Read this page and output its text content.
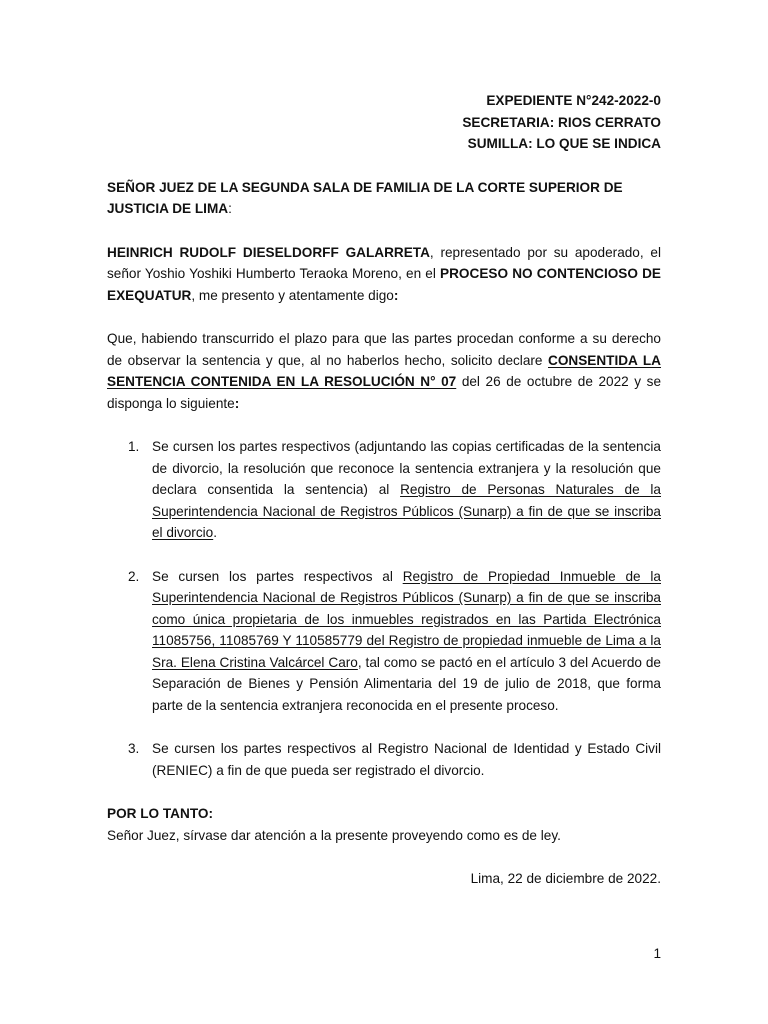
EXPEDIENTE N°242-2022-0
SECRETARIA: RIOS CERRATO
SUMILLA: LO QUE SE INDICA

SEÑOR JUEZ DE LA SEGUNDA SALA DE FAMILIA DE LA CORTE SUPERIOR DE JUSTICIA DE LIMA:

HEINRICH RUDOLF DIESELDORFF GALARRETA, representado por su apoderado, el señor Yoshio Yoshiki Humberto Teraoka Moreno, en el PROCESO NO CONTENCIOSO DE EXEQUATUR, me presento y atentamente digo:

Que, habiendo transcurrido el plazo para que las partes procedan conforme a su derecho de observar la sentencia y que, al no haberlos hecho, solicito declare CONSENTIDA LA SENTENCIA CONTENIDA EN LA RESOLUCIÓN N° 07 del 26 de octubre de 2022 y se disponga lo siguiente:

1. Se cursen los partes respectivos (adjuntando las copias certificadas de la sentencia de divorcio, la resolución que reconoce la sentencia extranjera y la resolución que declara consentida la sentencia) al Registro de Personas Naturales de la Superintendencia Nacional de Registros Públicos (Sunarp) a fin de que se inscriba el divorcio.

2. Se cursen los partes respectivos al Registro de Propiedad Inmueble de la Superintendencia Nacional de Registros Públicos (Sunarp) a fin de que se inscriba como única propietaria de los inmuebles registrados en las Partida Electrónica 11085756, 11085769 Y 110585779 del Registro de propiedad inmueble de Lima a la Sra. Elena Cristina Valcárcel Caro, tal como se pactó en el artículo 3 del Acuerdo de Separación de Bienes y Pensión Alimentaria del 19 de julio de 2018, que forma parte de la sentencia extranjera reconocida en el presente proceso.

3. Se cursen los partes respectivos al Registro Nacional de Identidad y Estado Civil (RENIEC) a fin de que pueda ser registrado el divorcio.

POR LO TANTO:
Señor Juez, sírvase dar atención a la presente proveyendo como es de ley.
Lima, 22 de diciembre de 2022.
1
